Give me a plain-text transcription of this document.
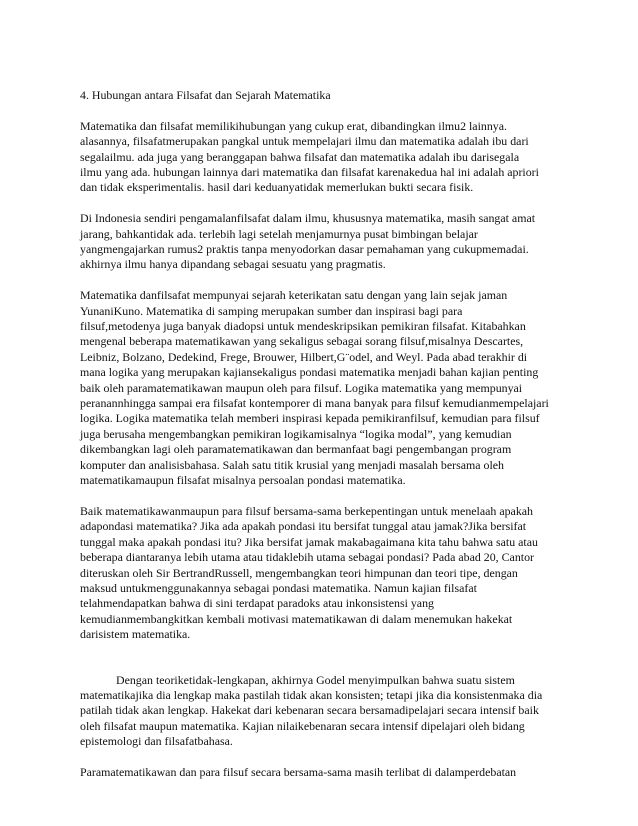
4. Hubungan antara Filsafat dan Sejarah Matematika

Matematika dan filsafat memilikihubungan yang cukup erat, dibandingkan ilmu2 lainnya.
alasannya, filsafatmerupakan pangkal untuk mempelajari ilmu dan matematika adalah ibu dari
segalailmu. ada juga yang beranggapan bahwa filsafat dan matematika adalah ibu darisegala
ilmu yang ada. hubungan lainnya dari matematika dan filsafat karenakedua hal ini adalah apriori
dan tidak eksperimentalis. hasil dari keduanyatidak memerlukan bukti secara fisik.

Di Indonesia sendiri pengamalanfilsafat dalam ilmu, khususnya matematika, masih sangat amat
jarang, bahkantidak ada. terlebih lagi setelah menjamurnya pusat bimbingan belajar
yangmengajarkan rumus2 praktis tanpa menyodorkan dasar pemahaman yang cukupmemadai.
akhirnya ilmu hanya dipandang sebagai sesuatu yang pragmatis.

Matematika danfilsafat mempunyai sejarah keterikatan satu dengan yang lain sejak jaman
YunaniKuno. Matematika di samping merupakan sumber dan inspirasi bagi para
filsuf,metodenya juga banyak diadopsi untuk mendeskripsikan pemikiran filsafat. Kitabahkan
mengenal beberapa matematikawan yang sekaligus sebagai sorang filsuf,misalnya Descartes,
Leibniz, Bolzano, Dedekind, Frege, Brouwer, Hilbert,G¨odel, and Weyl. Pada abad terakhir di
mana logika yang merupakan kajiansekaligus pondasi matematika menjadi bahan kajian penting
baik oleh paramatematikawan maupun oleh para filsuf. Logika matematika yang mempunyai
peranannhingga sampai era filsafat kontemporer di mana banyak para filsuf kemudianmempelajari
logika. Logika matematika telah memberi inspirasi kepada pemikiranfilsuf, kemudian para filsuf
juga berusaha mengembangkan pemikiran logikamisalnya “logika modal”, yang kemudian
dikembangkan lagi oleh paramatematikawan dan bermanfaat bagi pengembangan program
komputer dan analisisbahasa. Salah satu titik krusial yang menjadi masalah bersama oleh
matematikamaupun filsafat misalnya persoalan pondasi matematika.

Baik matematikawanmaupun para filsuf bersama-sama berkepentingan untuk menelaah apakah
adapondasi matematika? Jika ada apakah pondasi itu bersifat tunggal atau jamak?Jika bersifat
tunggal maka apakah pondasi itu? Jika bersifat jamak makabagaimana kita tahu bahwa satu atau
beberapa diantaranya lebih utama atau tidaklebih utama sebagai pondasi? Pada abad 20, Cantor
diteruskan oleh Sir BertrandRussell, mengembangkan teori himpunan dan teori tipe, dengan
maksud untukmenggunakannya sebagai pondasi matematika. Namun kajian filsafat
telahmendapatkan bahwa di sini terdapat paradoks atau inkonsistensi yang
kemudianmembangkitkan kembali motivasi matematikawan di dalam menemukan hakekat
darisistem matematika.

Dengan teoriketidak-lengkapan, akhirnya Godel menyimpulkan bahwa suatu sistem
matematikajika dia lengkap maka pastilah tidak akan konsisten; tetapi jika dia konsistenmaka dia
patilah tidak akan lengkap. Hakekat dari kebenaran secara bersamadipelajari secara intensif baik
oleh filsafat maupun matematika. Kajian nilaikebenaran secara intensif dipelajari oleh bidang
epistemologi dan filsafatbahasa.

Paramatematikawan dan para filsuf secara bersama-sama masih terlibat di dalamperdebatan
